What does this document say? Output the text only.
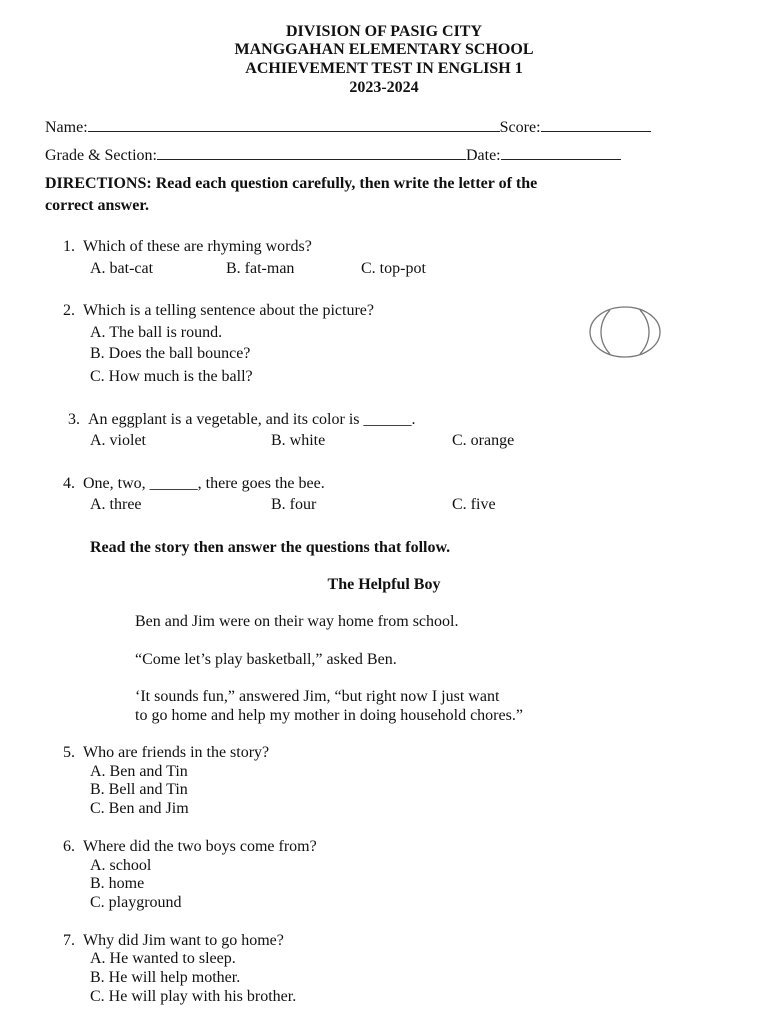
DIVISION OF PASIG CITY
MANGGAHAN ELEMENTARY SCHOOL
ACHIEVEMENT TEST IN ENGLISH 1
2023-2024
Name:	Score:
Grade & Section:	Date:
DIRECTIONS: Read each question carefully, then write the letter of the
correct answer.
1. Which of these are rhyming words?
A. bat-cat	B. fat-man	C. top-pot
2. Which is a telling sentence about the picture?
A. The ball is round.
B. Does the ball bounce?
C. How much is the ball?
3. An eggplant is a vegetable, and its color is ______.
A. violet	B. white	C. orange
4. One, two, ______, there goes the bee.
A. three	B. four	C. five
Read the story then answer the questions that follow.
The Helpful Boy
Ben and Jim were on their way home from school.
“Come let’s play basketball,” asked Ben.
‘It sounds fun,” answered Jim, “but right now I just want
to go home and help my mother in doing household chores.”
5. Who are friends in the story?
A. Ben and Tin
B. Bell and Tin
C. Ben and Jim
6. Where did the two boys come from?
A. school
B. home
C. playground
7. Why did Jim want to go home?
A. He wanted to sleep.
B. He will help mother.
C. He will play with his brother.
